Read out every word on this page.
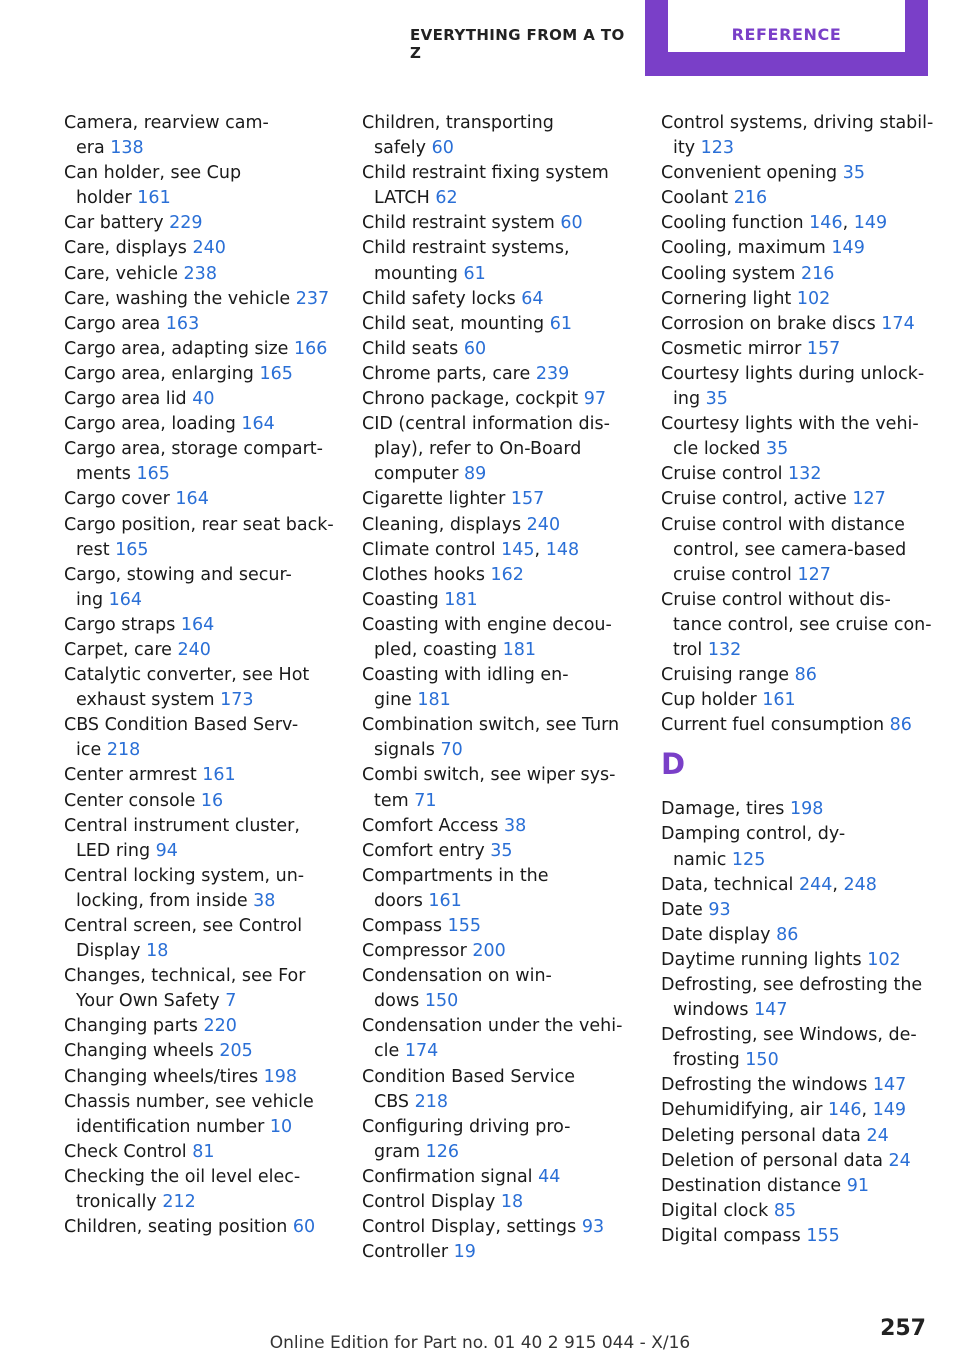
EVERYTHING FROM A TO Z
REFERENCE
Camera, rearview cam-
era 138
Can holder, see Cup
holder 161
Car battery 229
Care, displays 240
Care, vehicle 238
Care, washing the vehicle 237
Cargo area 163
Cargo area, adapting size 166
Cargo area, enlarging 165
Cargo area lid 40
Cargo area, loading 164
Cargo area, storage compart-
ments 165
Cargo cover 164
Cargo position, rear seat back-
rest 165
Cargo, stowing and secur-
ing 164
Cargo straps 164
Carpet, care 240
Catalytic converter, see Hot
exhaust system 173
CBS Condition Based Serv-
ice 218
Center armrest 161
Center console 16
Central instrument cluster,
LED ring 94
Central locking system, un-
locking, from inside 38
Central screen, see Control
Display 18
Changes, technical, see For
Your Own Safety 7
Changing parts 220
Changing wheels 205
Changing wheels/tires 198
Chassis number, see vehicle
identification number 10
Check Control 81
Checking the oil level elec-
tronically 212
Children, seating position 60
Children, transporting
safely 60
Child restraint fixing system
LATCH 62
Child restraint system 60
Child restraint systems,
mounting 61
Child safety locks 64
Child seat, mounting 61
Child seats 60
Chrome parts, care 239
Chrono package, cockpit 97
CID (central information dis-
play), refer to On-Board
computer 89
Cigarette lighter 157
Cleaning, displays 240
Climate control 145, 148
Clothes hooks 162
Coasting 181
Coasting with engine decou-
pled, coasting 181
Coasting with idling en-
gine 181
Combination switch, see Turn
signals 70
Combi switch, see wiper sys-
tem 71
Comfort Access 38
Comfort entry 35
Compartments in the
doors 161
Compass 155
Compressor 200
Condensation on win-
dows 150
Condensation under the vehi-
cle 174
Condition Based Service
CBS 218
Configuring driving pro-
gram 126
Confirmation signal 44
Control Display 18
Control Display, settings 93
Controller 19
Control systems, driving stabil-
ity 123
Convenient opening 35
Coolant 216
Cooling function 146, 149
Cooling, maximum 149
Cooling system 216
Cornering light 102
Corrosion on brake discs 174
Cosmetic mirror 157
Courtesy lights during unlock-
ing 35
Courtesy lights with the vehi-
cle locked 35
Cruise control 132
Cruise control, active 127
Cruise control with distance
control, see camera-based
cruise control 127
Cruise control without dis-
tance control, see cruise con-
trol 132
Cruising range 86
Cup holder 161
Current fuel consumption 86
D
Damage, tires 198
Damping control, dy-
namic 125
Data, technical 244, 248
Date 93
Date display 86
Daytime running lights 102
Defrosting, see defrosting the
windows 147
Defrosting, see Windows, de-
frosting 150
Defrosting the windows 147
Dehumidifying, air 146, 149
Deleting personal data 24
Deletion of personal data 24
Destination distance 91
Digital clock 85
Digital compass 155
257
Online Edition for Part no. 01 40 2 915 044 - X/16
